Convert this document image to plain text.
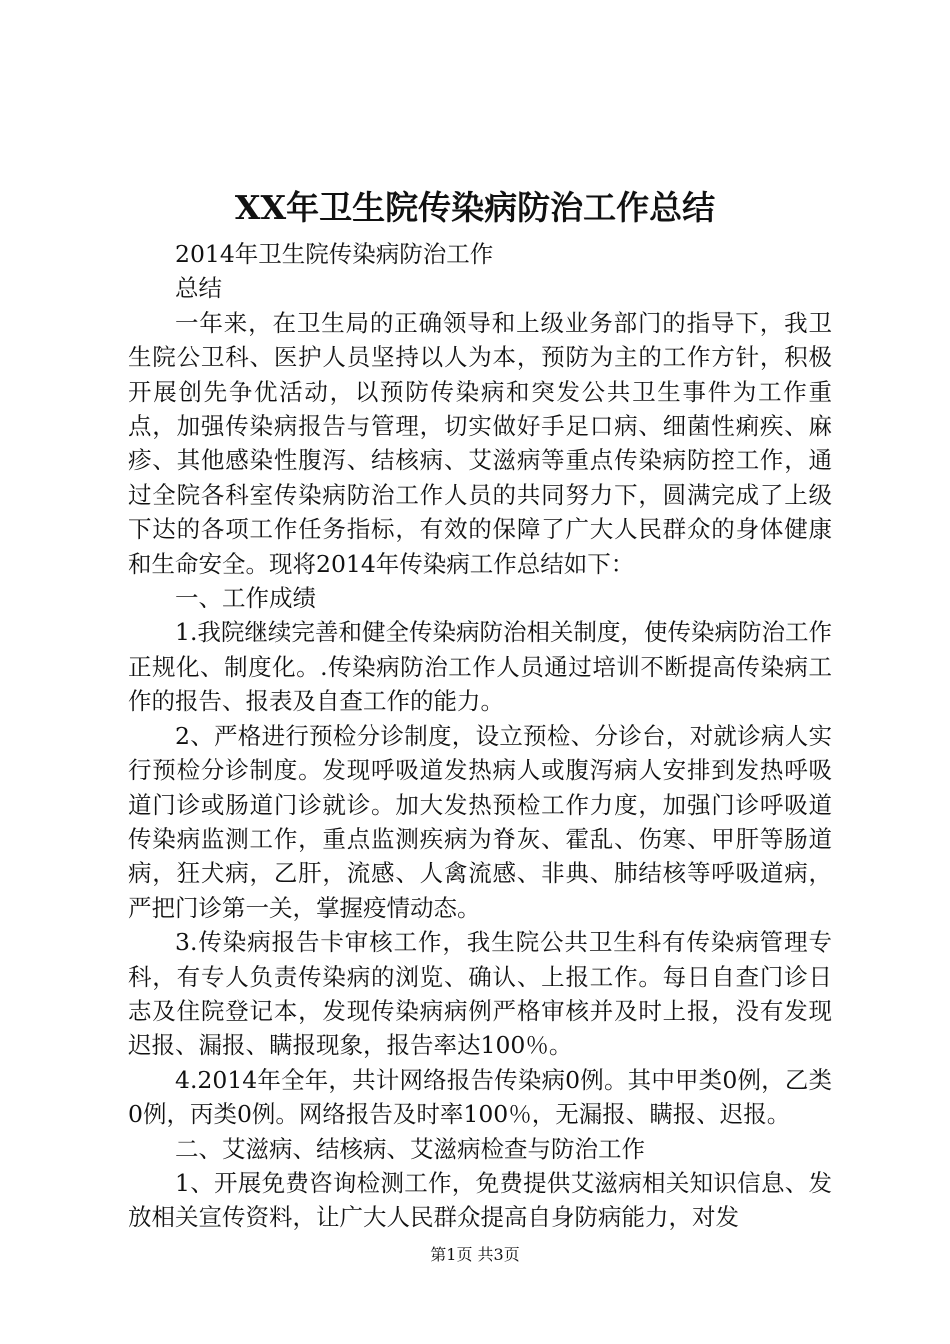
XX年卫生院传染病防治工作总结

2014年卫生院传染病防治工作

总结

一年来，在卫生局的正确领导和上级业务部门的指导下，我卫生院公卫科、医护人员坚持以人为本，预防为主的工作方针，积极开展创先争优活动，以预防传染病和突发公共卫生事件为工作重点，加强传染病报告与管理，切实做好手足口病、细菌性痢疾、麻疹、其他感染性腹泻、结核病、艾滋病等重点传染病防控工作，通过全院各科室传染病防治工作人员的共同努力下，圆满完成了上级下达的各项工作任务指标，有效的保障了广大人民群众的身体健康和生命安全。现将2014年传染病工作总结如下：

一、工作成绩

1.我院继续完善和健全传染病防治相关制度，使传染病防治工作正规化、制度化。.传染病防治工作人员通过培训不断提高传染病工作的报告、报表及自查工作的能力。

2、严格进行预检分诊制度，设立预检、分诊台，对就诊病人实行预检分诊制度。发现呼吸道发热病人或腹泻病人安排到发热呼吸道门诊或肠道门诊就诊。加大发热预检工作力度，加强门诊呼吸道传染病监测工作，重点监测疾病为脊灰、霍乱、伤寒、甲肝等肠道病，狂犬病，乙肝，流感、人禽流感、非典、肺结核等呼吸道病，严把门诊第一关，掌握疫情动态。

3.传染病报告卡审核工作，我生院公共卫生科有传染病管理专科，有专人负责传染病的浏览、确认、上报工作。每日自查门诊日志及住院登记本，发现传染病病例严格审核并及时上报，没有发现迟报、漏报、瞒报现象，报告率达100％。

4.2014年全年，共计网络报告传染病0例。其中甲类0例，乙类0例，丙类0例。网络报告及时率100％，无漏报、瞒报、迟报。

二、艾滋病、结核病、艾滋病检查与防治工作

1、开展免费咨询检测工作，免费提供艾滋病相关知识信息、发放相关宣传资料，让广大人民群众提高自身防病能力，对发

第1页 共3页
